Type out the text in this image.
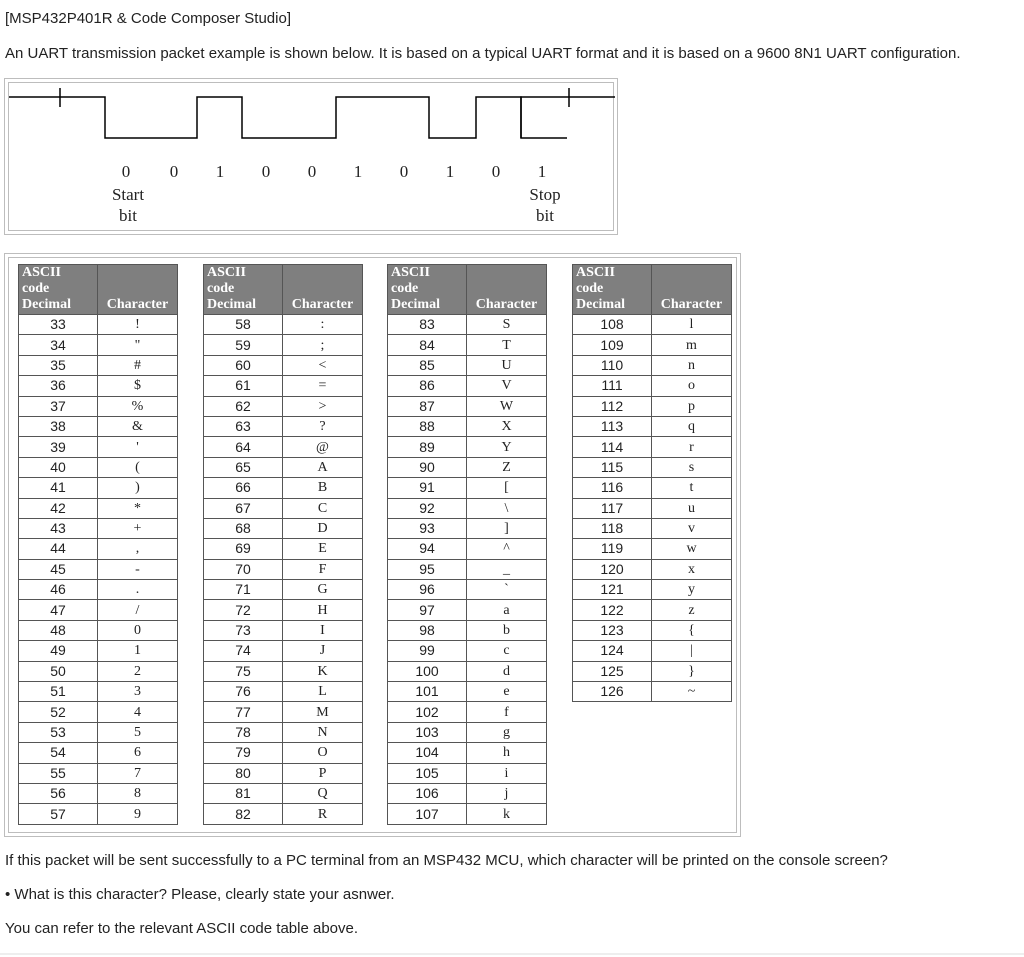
[MSP432P401R & Code Composer Studio]
An UART transmission packet example is shown below. It is based on a typical UART format and it is based on a 9600 8N1 UART configuration.
0	0	1	0	0	1	0	1	0	1
Start
bit
Stop
bit
ASCII
code
Decimal	Character
33	!
34	"
35	#
36	$
37	%
38	&
39	'
40	(
41	)
42	*
43	+
44	,
45	-
46	.
47	/
48	0
49	1
50	2
51	3
52	4
53	5
54	6
55	7
56	8
57	9
ASCII
code
Decimal	Character
58	:
59	;
60	<
61	=
62	>
63	?
64	@
65	A
66	B
67	C
68	D
69	E
70	F
71	G
72	H
73	I
74	J
75	K
76	L
77	M
78	N
79	O
80	P
81	Q
82	R
ASCII
code
Decimal	Character
83	S
84	T
85	U
86	V
87	W
88	X
89	Y
90	Z
91	[
92	\
93	]
94	^
95	_
96	`
97	a
98	b
99	c
100	d
101	e
102	f
103	g
104	h
105	i
106	j
107	k
ASCII
code
Decimal	Character
108	l
109	m
110	n
111	o
112	p
113	q
114	r
115	s
116	t
117	u
118	v
119	w
120	x
121	y
122	z
123	{
124	|
125	}
126	~
If this packet will be sent successfully to a PC terminal from an MSP432 MCU, which character will be printed on the console screen?
• What is this character? Please, clearly state your asnwer.
You can refer to the relevant ASCII code table above.
